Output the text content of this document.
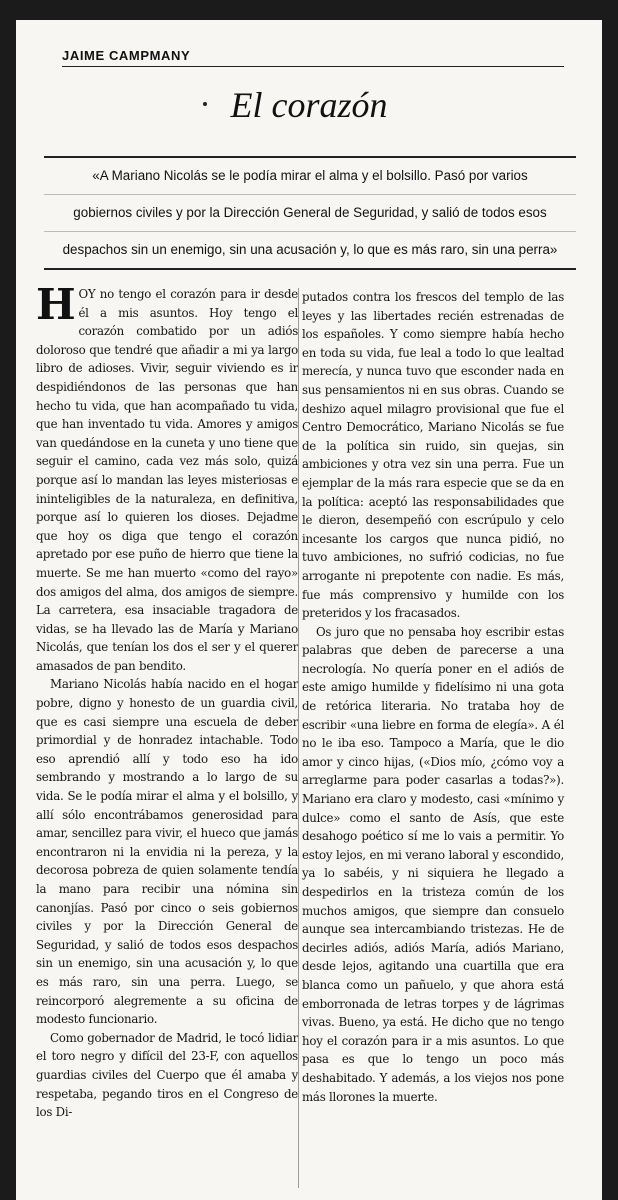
JAIME CAMPMANY
El corazón
«A Mariano Nicolás se le podía mirar el alma y el bolsillo. Pasó por varios
gobiernos civiles y por la Dirección General de Seguridad, y salió de todos esos
despachos sin un enemigo, sin una acusación y, lo que es más raro, sin una perra»

HOY no tengo el corazón para ir desde él a mis asuntos. Hoy tengo el corazón combatido por un adiós doloroso que tendré que añadir a mi ya largo libro de adioses. Vivir, seguir viviendo es ir despidiéndonos de las personas que han hecho tu vida, que han acompañado tu vida, que han inventado tu vida. Amores y amigos van quedándose en la cuneta y uno tiene que seguir el camino, cada vez más solo, quizá porque así lo mandan las leyes misteriosas e ininteligibles de la naturaleza, en definitiva, porque así lo quieren los dioses. Dejadme que hoy os diga que tengo el corazón apretado por ese puño de hierro que tiene la muerte. Se me han muerto «como del rayo» dos amigos del alma, dos amigos de siempre. La carretera, esa insaciable tragadora de vidas, se ha llevado las de María y Mariano Nicolás, que tenían los dos el ser y el querer amasados de pan bendito.

Mariano Nicolás había nacido en el hogar pobre, digno y honesto de un guardia civil, que es casi siempre una escuela de deber primordial y de honradez intachable. Todo eso aprendió allí y todo eso ha ido sembrando y mostrando a lo largo de su vida. Se le podía mirar el alma y el bolsillo, y allí sólo encontrábamos generosidad para amar, sencillez para vivir, el hueco que jamás encontraron ni la envidia ni la pereza, y la decorosa pobreza de quien solamente tendía la mano para recibir una nómina sin canonjías. Pasó por cinco o seis gobiernos civiles y por la Dirección General de Seguridad, y salió de todos esos despachos sin un enemigo, sin una acusación y, lo que es más raro, sin una perra. Luego, se reincorporó alegremente a su oficina de modesto funcionario.

Como gobernador de Madrid, le tocó lidiar el toro negro y difícil del 23-F, con aquellos guardias civiles del Cuerpo que él amaba y respetaba, pegando tiros en el Congreso de los Di-

putados contra los frescos del templo de las leyes y las libertades recién estrenadas de los españoles. Y como siempre había hecho en toda su vida, fue leal a todo lo que lealtad merecía, y nunca tuvo que esconder nada en sus pensamientos ni en sus obras. Cuando se deshizo aquel milagro provisional que fue el Centro Democrático, Mariano Nicolás se fue de la política sin ruido, sin quejas, sin ambiciones y otra vez sin una perra. Fue un ejemplar de la más rara especie que se da en la política: aceptó las responsabilidades que le dieron, desempeñó con escrúpulo y celo incesante los cargos que nunca pidió, no tuvo ambiciones, no sufrió codicias, no fue arrogante ni prepotente con nadie. Es más, fue más comprensivo y humilde con los preteridos y los fracasados.

Os juro que no pensaba hoy escribir estas palabras que deben de parecerse a una necrología. No quería poner en el adiós de este amigo humilde y fidelísimo ni una gota de retórica literaria. No trataba hoy de escribir «una liebre en forma de elegía». A él no le iba eso. Tampoco a María, que le dio amor y cinco hijas, («Dios mío, ¿cómo voy a arreglarme para poder casarlas a todas?»). Mariano era claro y modesto, casi «mínimo y dulce» como el santo de Asís, que este desahogo poético sí me lo vais a permitir. Yo estoy lejos, en mi verano laboral y escondido, ya lo sabéis, y ni siquiera he llegado a despedirlos en la tristeza común de los muchos amigos, que siempre dan consuelo aunque sea intercambiando tristezas. He de decirles adiós, adiós María, adiós Mariano, desde lejos, agitando una cuartilla que era blanca como un pañuelo, y que ahora está emborronada de letras torpes y de lágrimas vivas. Bueno, ya está. He dicho que no tengo hoy el corazón para ir a mis asuntos. Lo que pasa es que lo tengo un poco más deshabitado. Y además, a los viejos nos pone más llorones la muerte.
